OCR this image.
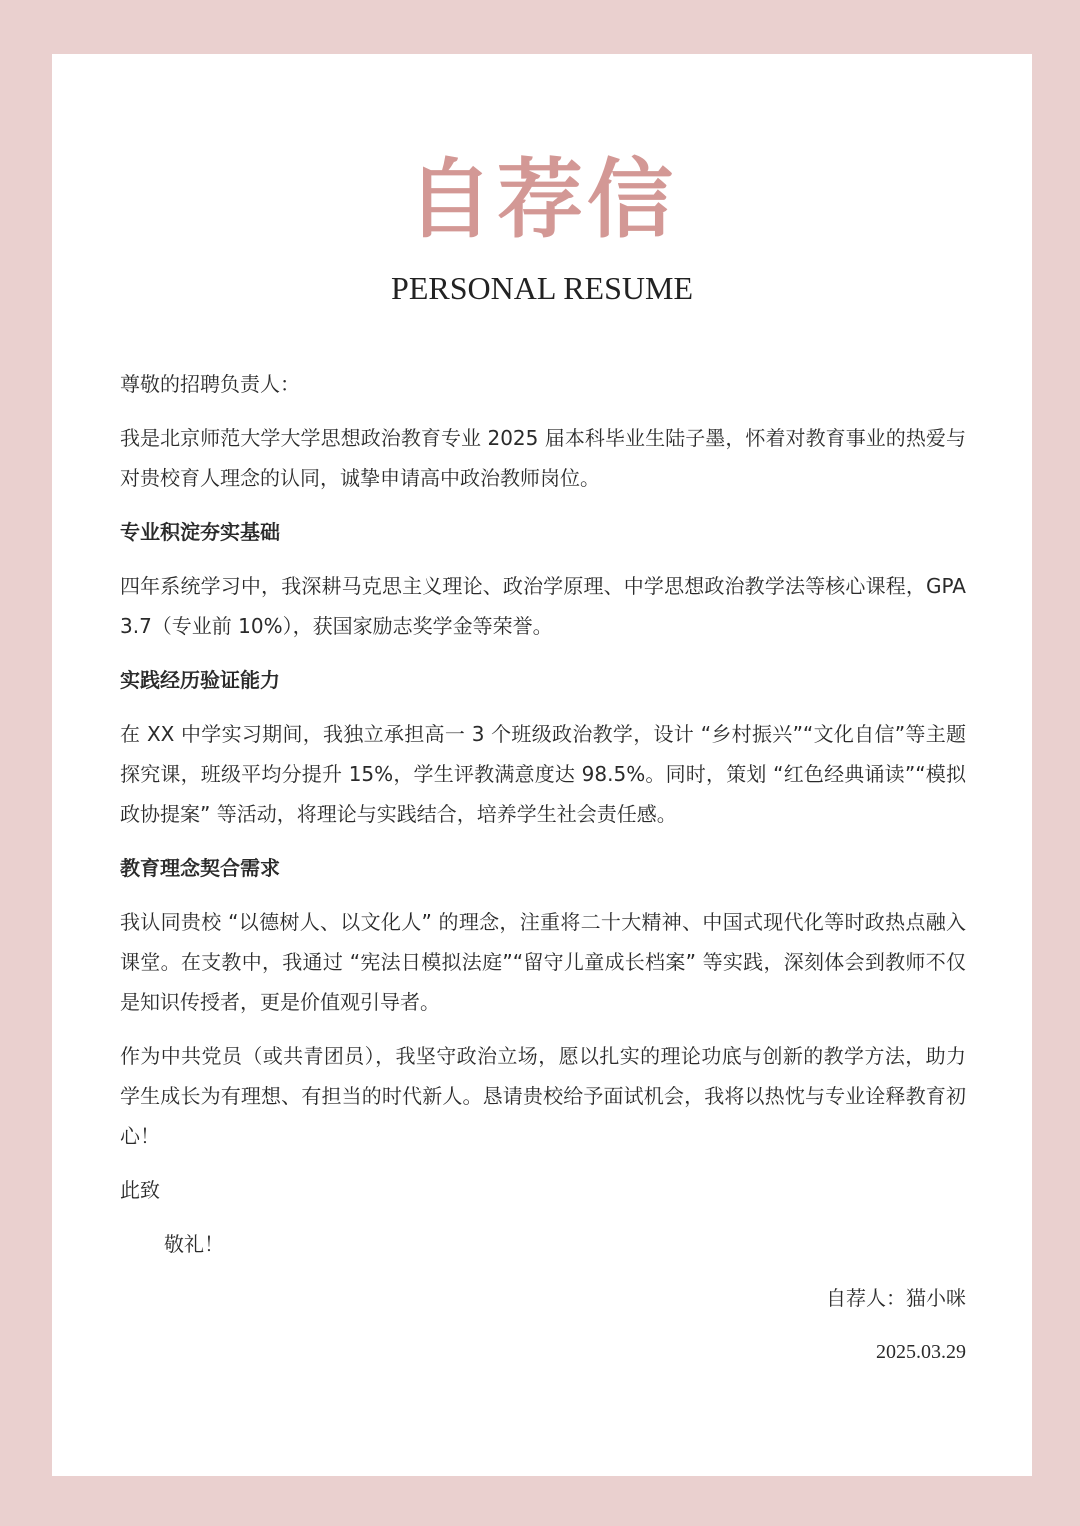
自荐信
PERSONAL RESUME

尊敬的招聘负责人：

我是北京师范大学大学思想政治教育专业 2025 届本科毕业生陆子墨，怀着对教育事业的热爱与对贵校育人理念的认同，诚挚申请高中政治教师岗位。

专业积淀夯实基础

四年系统学习中，我深耕马克思主义理论、政治学原理、中学思想政治教学法等核心课程，GPA 3.7（专业前 10%），获国家励志奖学金等荣誉。

实践经历验证能力

在 XX 中学实习期间，我独立承担高一 3 个班级政治教学，设计 “乡村振兴”“文化自信”等主题探究课，班级平均分提升 15%，学生评教满意度达 98.5%。同时，策划 “红色经典诵读”“模拟政协提案” 等活动，将理论与实践结合，培养学生社会责任感。

教育理念契合需求

我认同贵校 “以德树人、以文化人” 的理念，注重将二十大精神、中国式现代化等时政热点融入课堂。在支教中，我通过 “宪法日模拟法庭”“留守儿童成长档案” 等实践，深刻体会到教师不仅是知识传授者，更是价值观引导者。

作为中共党员（或共青团员），我坚守政治立场，愿以扎实的理论功底与创新的教学方法，助力学生成长为有理想、有担当的时代新人。恳请贵校给予面试机会，我将以热忱与专业诠释教育初心！

此致

敬礼！

自荐人：猫小咪

2025.03.29
